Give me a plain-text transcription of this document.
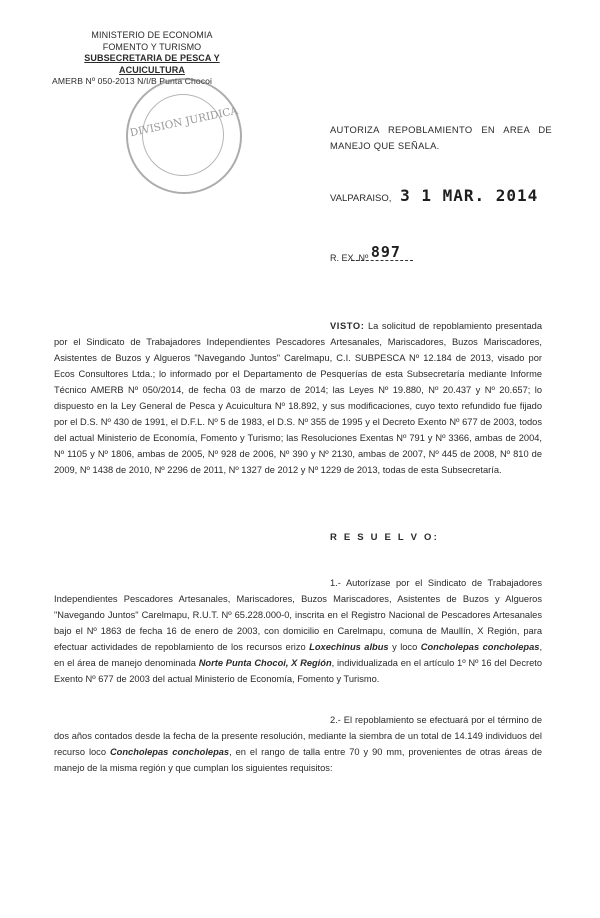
MINISTERIO DE ECONOMIA
FOMENTO Y TURISMO
SUBSECRETARIA DE PESCA Y ACUICULTURA
AMERB Nº 050-2013 N/I/B Punta Chocoi
DIVISION JURIDICA	AUTORIZA REPOBLAMIENTO EN AREA DE MANEJO QUE SEÑALA.
VALPARAISO, 3 1 MAR. 2014
R. EX. Nº 897
VISTO: La solicitud de repoblamiento presentada por el Sindicato de Trabajadores Independientes Pescadores Artesanales, Mariscadores, Buzos Mariscadores, Asistentes de Buzos y Algueros "Navegando Juntos" Carelmapu, C.I. SUBPESCA Nº 12.184 de 2013, visado por Ecos Consultores Ltda.; lo informado por el Departamento de Pesquerías de esta Subsecretaría mediante Informe Técnico AMERB Nº 050/2014, de fecha 03 de marzo de 2014; las Leyes Nº 19.880, Nº 20.437 y Nº 20.657; lo dispuesto en la Ley General de Pesca y Acuicultura Nº 18.892, y sus modificaciones, cuyo texto refundido fue fijado por el D.S. Nº 430 de 1991, el D.F.L. Nº 5 de 1983, el D.S. Nº 355 de 1995 y el Decreto Exento Nº 677 de 2003, todos del actual Ministerio de Economía, Fomento y Turismo; las Resoluciones Exentas Nº 791 y Nº 3366, ambas de 2004, Nº 1105 y Nº 1806, ambas de 2005, Nº 928 de 2006, Nº 390 y Nº 2130, ambas de 2007, Nº 445 de 2008, Nº 810 de 2009, Nº 1438 de 2010, Nº 2296 de 2011, Nº 1327 de 2012 y Nº 1229 de 2013, todas de esta Subsecretaría.
R E S U E L V O:
1.- Autorízase por el Sindicato de Trabajadores Independientes Pescadores Artesanales, Mariscadores, Buzos Mariscadores, Asistentes de Buzos y Algueros "Navegando Juntos" Carelmapu, R.U.T. Nº 65.228.000-0, inscrita en el Registro Nacional de Pescadores Artesanales bajo el Nº 1863 de fecha 16 de enero de 2003, con domicilio en Carelmapu, comuna de Maullín, X Región, para efectuar actividades de repoblamiento de los recursos erizo Loxechinus albus y loco Concholepas concholepas, en el área de manejo denominada Norte Punta Chocoi, X Región, individualizada en el artículo 1º Nº 16 del Decreto Exento Nº 677 de 2003 del actual Ministerio de Economía, Fomento y Turismo.
2.- El repoblamiento se efectuará por el término de dos años contados desde la fecha de la presente resolución, mediante la siembra de un total de 14.149 individuos del recurso loco Concholepas concholepas, en el rango de talla entre 70 y 90 mm, provenientes de otras áreas de manejo de la misma región y que cumplan los siguientes requisitos:
